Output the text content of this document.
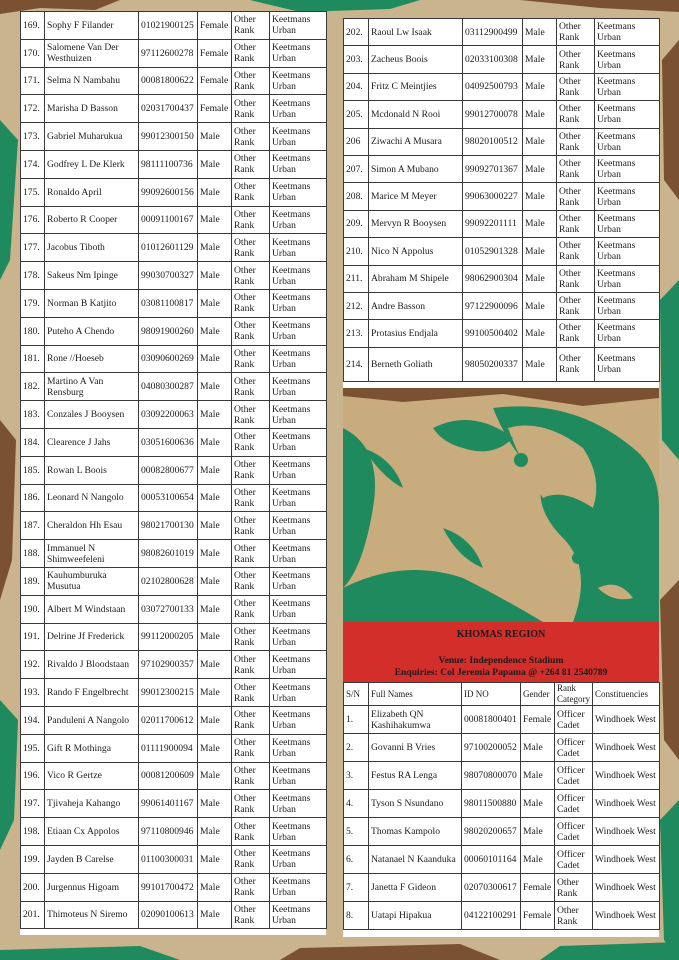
169.	Sophy F Filander	01021900125	Female	Other Rank	Keetmans Urban
170.	Salomene Van Der Westhuizen	97112600278	Female	Other Rank	Keetmans Urban
171.	Selma N Nambahu	00081800622	Female	Other Rank	Keetmans Urban
172.	Marisha D Basson	02031700437	Female	Other Rank	Keetmans Urban
173.	Gabriel Muharukua	99012300150	Male	Other Rank	Keetmans Urban
174.	Godfrey L De Klerk	98111100736	Male	Other Rank	Keetmans Urban
175.	Ronaldo April	99092600156	Male	Other Rank	Keetmans Urban
176.	Roberto R Cooper	00091100167	Male	Other Rank	Keetmans Urban
177.	Jacobus Tiboth	01012601129	Male	Other Rank	Keetmans Urban
178.	Sakeus Nm Ipinge	99030700327	Male	Other Rank	Keetmans Urban
179.	Norman B Katjito	03081100817	Male	Other Rank	Keetmans Urban
180.	Puteho A Chendo	98091900260	Male	Other Rank	Keetmans Urban
181.	Rone //Hoeseb	03090600269	Male	Other Rank	Keetmans Urban
182.	Martino A Van Rensburg	04080300287	Male	Other Rank	Keetmans Urban
183.	Conzales J Booysen	03092200063	Male	Other Rank	Keetmans Urban
184.	Clearence J Jahs	03051600636	Male	Other Rank	Keetmans Urban
185.	Rowan L Boois	00082800677	Male	Other Rank	Keetmans Urban
186.	Leonard N Nangolo	00053100654	Male	Other Rank	Keetmans Urban
187.	Cheraldon Hh Esau	98021700130	Male	Other Rank	Keetmans Urban
188.	Immanuel N Shimweefeleni	98082601019	Male	Other Rank	Keetmans Urban
189.	Kauhumburuka Musutua	02102800628	Male	Other Rank	Keetmans Urban
190.	Albert M Windstaan	03072700133	Male	Other Rank	Keetmans Urban
191.	Delrine Jf Frederick	99112000205	Male	Other Rank	Keetmans Urban
192.	Rivaldo J Bloodstaan	97102900357	Male	Other Rank	Keetmans Urban
193.	Rando F Engelbrecht	99012300215	Male	Other Rank	Keetmans Urban
194.	Panduleni A Nangolo	02011700612	Male	Other Rank	Keetmans Urban
195.	Gift R Mothinga	01111900094	Male	Other Rank	Keetmans Urban
196.	Vico R Gertze	00081200609	Male	Other Rank	Keetmans Urban
197.	Tjivaheja Kahango	99061401167	Male	Other Rank	Keetmans Urban
198.	Etiaan Cx Appolos	97110800946	Male	Other Rank	Keetmans Urban
199.	Jayden B Carelse	01100300031	Male	Other Rank	Keetmans Urban
200.	Jurgennus Higoam	99101700472	Male	Other Rank	Keetmans Urban
201.	Thimoteus N Siremo	02090100613	Male	Other Rank	Keetmans Urban
202.	Raoul Lw Isaak	03112900499	Male	Other Rank	Keetmans Urban
203.	Zacheus Boois	02033100308	Male	Other Rank	Keetmans Urban
204.	Fritz C Meintjies	04092500793	Male	Other Rank	Keetmans Urban
205.	Mcdonald N Rooi	99012700078	Male	Other Rank	Keetmans Urban
206	Ziwachi A Musara	98020100512	Male	Other Rank	Keetmans Urban
207.	Simon A Mubano	99092701367	Male	Other Rank	Keetmans Urban
208.	Marice M Meyer	99063000227	Male	Other Rank	Keetmans Urban
209.	Mervyn R Booysen	99092201111	Male	Other Rank	Keetmans Urban
210.	Nico N Appolus	01052901328	Male	Other Rank	Keetmans Urban
211.	Abraham M Shipele	98062900304	Male	Other Rank	Keetmans Urban
212.	Andre Basson	97122900096	Male	Other Rank	Keetmans Urban
213.	Protasius Endjala	99100500402	Male	Other Rank	Keetmans Urban
214.	Berneth Goliath	98050200337	Male	Other Rank	Keetmans Urban
KHOMAS REGION
Venue: Independence Stadium
Enquiries: Col Jeremia Papama @ +264 81 2540789
S/N	Full Names	ID NO	Gender	Rank Category	Constituencies
1.	Elizabeth QN Kashihakumwa	00081800401	Female	Officer Cadet	Windhoek West
2.	Govanni B Vries	97100200052	Male	Officer Cadet	Windhoek West
3.	Festus RA Lenga	98070800070	Male	Officer Cadet	Windhoek West
4.	Tyson S Nsundano	98011500880	Male	Officer Cadet	Windhoek West
5.	Thomas Kampolo	98020200657	Male	Officer Cadet	Windhoek West
6.	Natanael N Kaanduka	00060101164	Male	Officer Cadet	Windhoek West
7.	Janetta F Gideon	02070300617	Female	Other Rank	Windhoek West
8.	Uatapi Hipakua	04122100291	Female	Other Rank	Windhoek West
